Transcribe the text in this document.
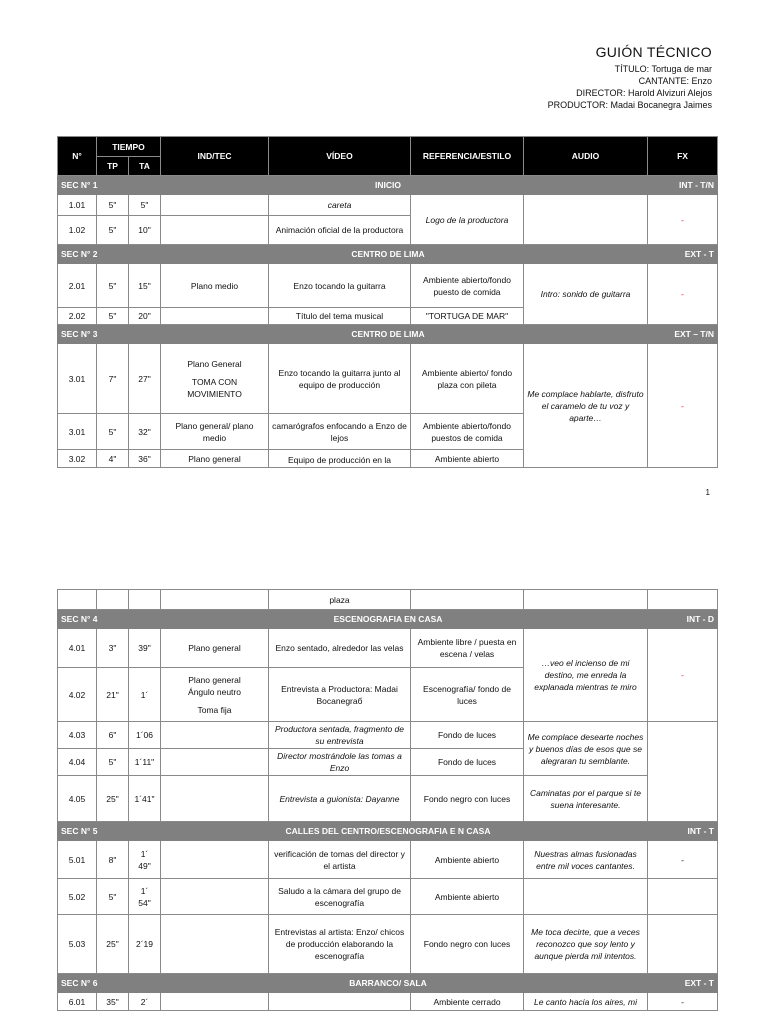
GUIÓN TÉCNICO
TÍTULO: Tortuga de mar
CANTANTE: Enzo
DIRECTOR: Harold Alvizuri Alejos
PRODUCTOR: Madai Bocanegra Jaimes
N°	TIEMPO		IND/TEC	VÍDEO	REFERENCIA/ESTILO	AUDIO	FX
	TP	TA					
SEC N° 1		INICIO					INT - T/N
1.01	5"	5"		careta	Logo de la productora		-
1.02	5"	10"		Animación oficial de la productora			
SEC N° 2		CENTRO DE LIMA					EXT - T
2.01	5"	15"	Plano medio	Enzo tocando la guitarra	Ambiente abierto/fondo puesto de comida	Intro: sonido de guitarra	-
2.02	5"	20"		Título del tema musical	"TORTUGA DE MAR"		
SEC N° 3		CENTRO DE LIMA					EXT – T/N
3.01	7"	27"	Plano General
TOMA CON MOVIMIENTO	Enzo tocando la guitarra junto al equipo de producción	Ambiente abierto/ fondo plaza con pileta	Me complace hablarte, disfruto el caramelo de tu voz y aparte…	-
3.01	5"	32"	Plano general/ plano medio	camarógrafos enfocando a Enzo de lejos	Ambiente abierto/fondo puestos de comida		
3.02	4"	36"	Plano general	Equipo de producción en la	Ambiente abierto		
1
				plaza			
SEC N° 4		ESCENOGRAFIA EN CASA					INT - D
4.01	3"	39"	Plano general	Enzo sentado, alrededor las velas	Ambiente libre / puesta en escena / velas	…veo el incienso de mi destino, me enreda la explanada mientras te miro	-
4.02	21"	1´	Plano general
Ángulo neutro
Toma fija	Entrevista a Productora: Madai Bocanegraб	Escenografía/ fondo de luces		
4.03	6"	1´06		Productora sentada, fragmento de su entrevista	Fondo de luces	Me complace desearte noches y buenos días de esos que se alegraran tu semblante.	
4.04	5"	1´11"		Director mostrándole las tomas a Enzo	Fondo de luces		
4.05	25"	1´41"		Entrevista a guionista: Dayanne	Fondo negro con luces	Caminatas por el parque si te suena interesante.	
SEC N° 5		CALLES DEL CENTRO/ESCENOGRAFIA E N CASA					INT - T
5.01	8"	1´
49"		verificación de tomas del director y el artista	Ambiente abierto	Nuestras almas fusionadas entre mil voces cantantes.	-
5.02	5"	1´
54"		Saludo a la cámara del grupo de escenografía	Ambiente abierto		
5.03	25"	2´19		Entrevistas al artista: Enzo/ chicos de producción elaborando la escenografía	Fondo negro con luces	Me toca decirte, que a veces reconozco que soy lento y aunque pierda mil intentos.	
SEC N° 6		BARRANCO/ SALA					EXT - T
6.01	35"	2´			Ambiente cerrado	Le canto hacia los aires, mi	-
